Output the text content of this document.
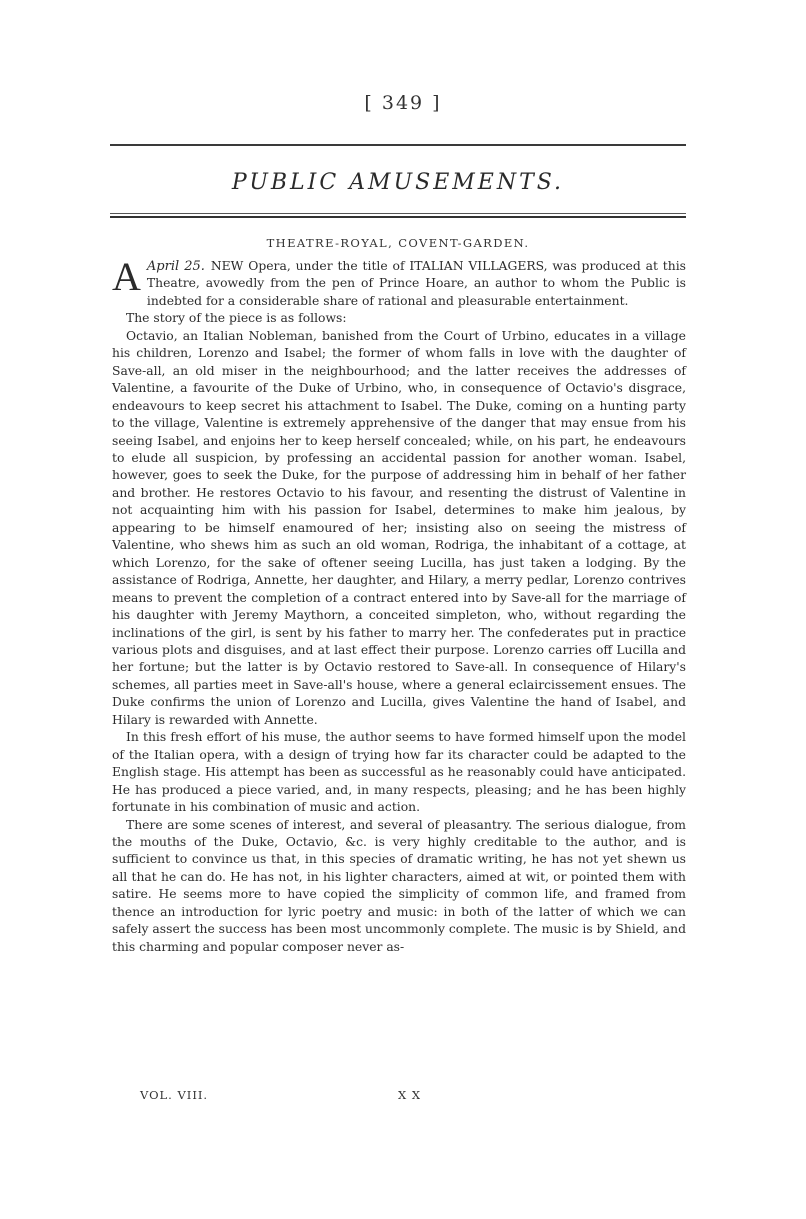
[ 349 ]
PUBLIC AMUSEMENTS.
THEATRE-ROYAL, COVENT-GARDEN.

April 25.
A	NEW Opera, under the title of ITALIAN VILLAGERS, was produced at this Theatre, avowedly from the pen of Prince Hoare, an author to whom the Public is indebted for a considerable share of rational and pleasurable entertainment.

The story of the piece is as follows:

Octavio, an Italian Nobleman, banished from the Court of Urbino, educates in a village his children, Lorenzo and Isabel; the former of whom falls in love with the daughter of Save-all, an old miser in the neighbourhood; and the latter receives the addresses of Valentine, a favourite of the Duke of Urbino, who, in consequence of Octavio's disgrace, endeavours to keep secret his attachment to Isabel. The Duke, coming on a hunting party to the village, Valentine is extremely apprehensive of the danger that may ensue from his seeing Isabel, and enjoins her to keep herself concealed; while, on his part, he endeavours to elude all suspicion, by professing an accidental passion for another woman. Isabel, however, goes to seek the Duke, for the purpose of addressing him in behalf of her father and brother. He restores Octavio to his favour, and resenting the distrust of Valentine in not acquainting him with his passion for Isabel, determines to make him jealous, by appearing to be himself enamoured of her; insisting also on seeing the mistress of Valentine, who shews him as such an old woman, Rodriga, the inhabitant of a cottage, at which Lorenzo, for the sake of oftener seeing Lucilla, has just taken a lodging. By the assistance of Rodriga, Annette, her daughter, and Hilary, a merry pedlar, Lorenzo contrives means to prevent the completion of a contract entered into by Save-all for the marriage of his daughter with Jeremy Maythorn, a conceited simpleton, who, without regarding the inclinations of the girl, is sent by his father to marry her. The confederates put in practice various plots and disguises, and at last effect their purpose. Lorenzo carries off Lucilla and her fortune; but the latter is by Octavio restored to Save-all. In consequence of Hilary's schemes, all parties meet in Save-all's house, where a general eclaircissement ensues. The Duke confirms the union of Lorenzo and Lucilla, gives Valentine the hand of Isabel, and Hilary is rewarded with Annette.

In this fresh effort of his muse, the author seems to have formed himself upon the model of the Italian opera, with a design of trying how far its character could be adapted to the English stage. His attempt has been as successful as he reasonably could have anticipated. He has produced a piece varied, and, in many respects, pleasing; and he has been highly fortunate in his combination of music and action.

There are some scenes of interest, and several of pleasantry. The serious dialogue, from the mouths of the Duke, Octavio, &c. is very highly creditable to the author, and is sufficient to convince us that, in this species of dramatic writing, he has not yet shewn us all that he can do. He has not, in his lighter characters, aimed at wit, or pointed them with satire. He seems more to have copied the simplicity of common life, and framed from thence an introduction for lyric poetry and music: in both of the latter of which we can safely assert the success has been most uncommonly complete. The music is by Shield, and this charming and popular composer never as-

VOL. VIII.	X X
